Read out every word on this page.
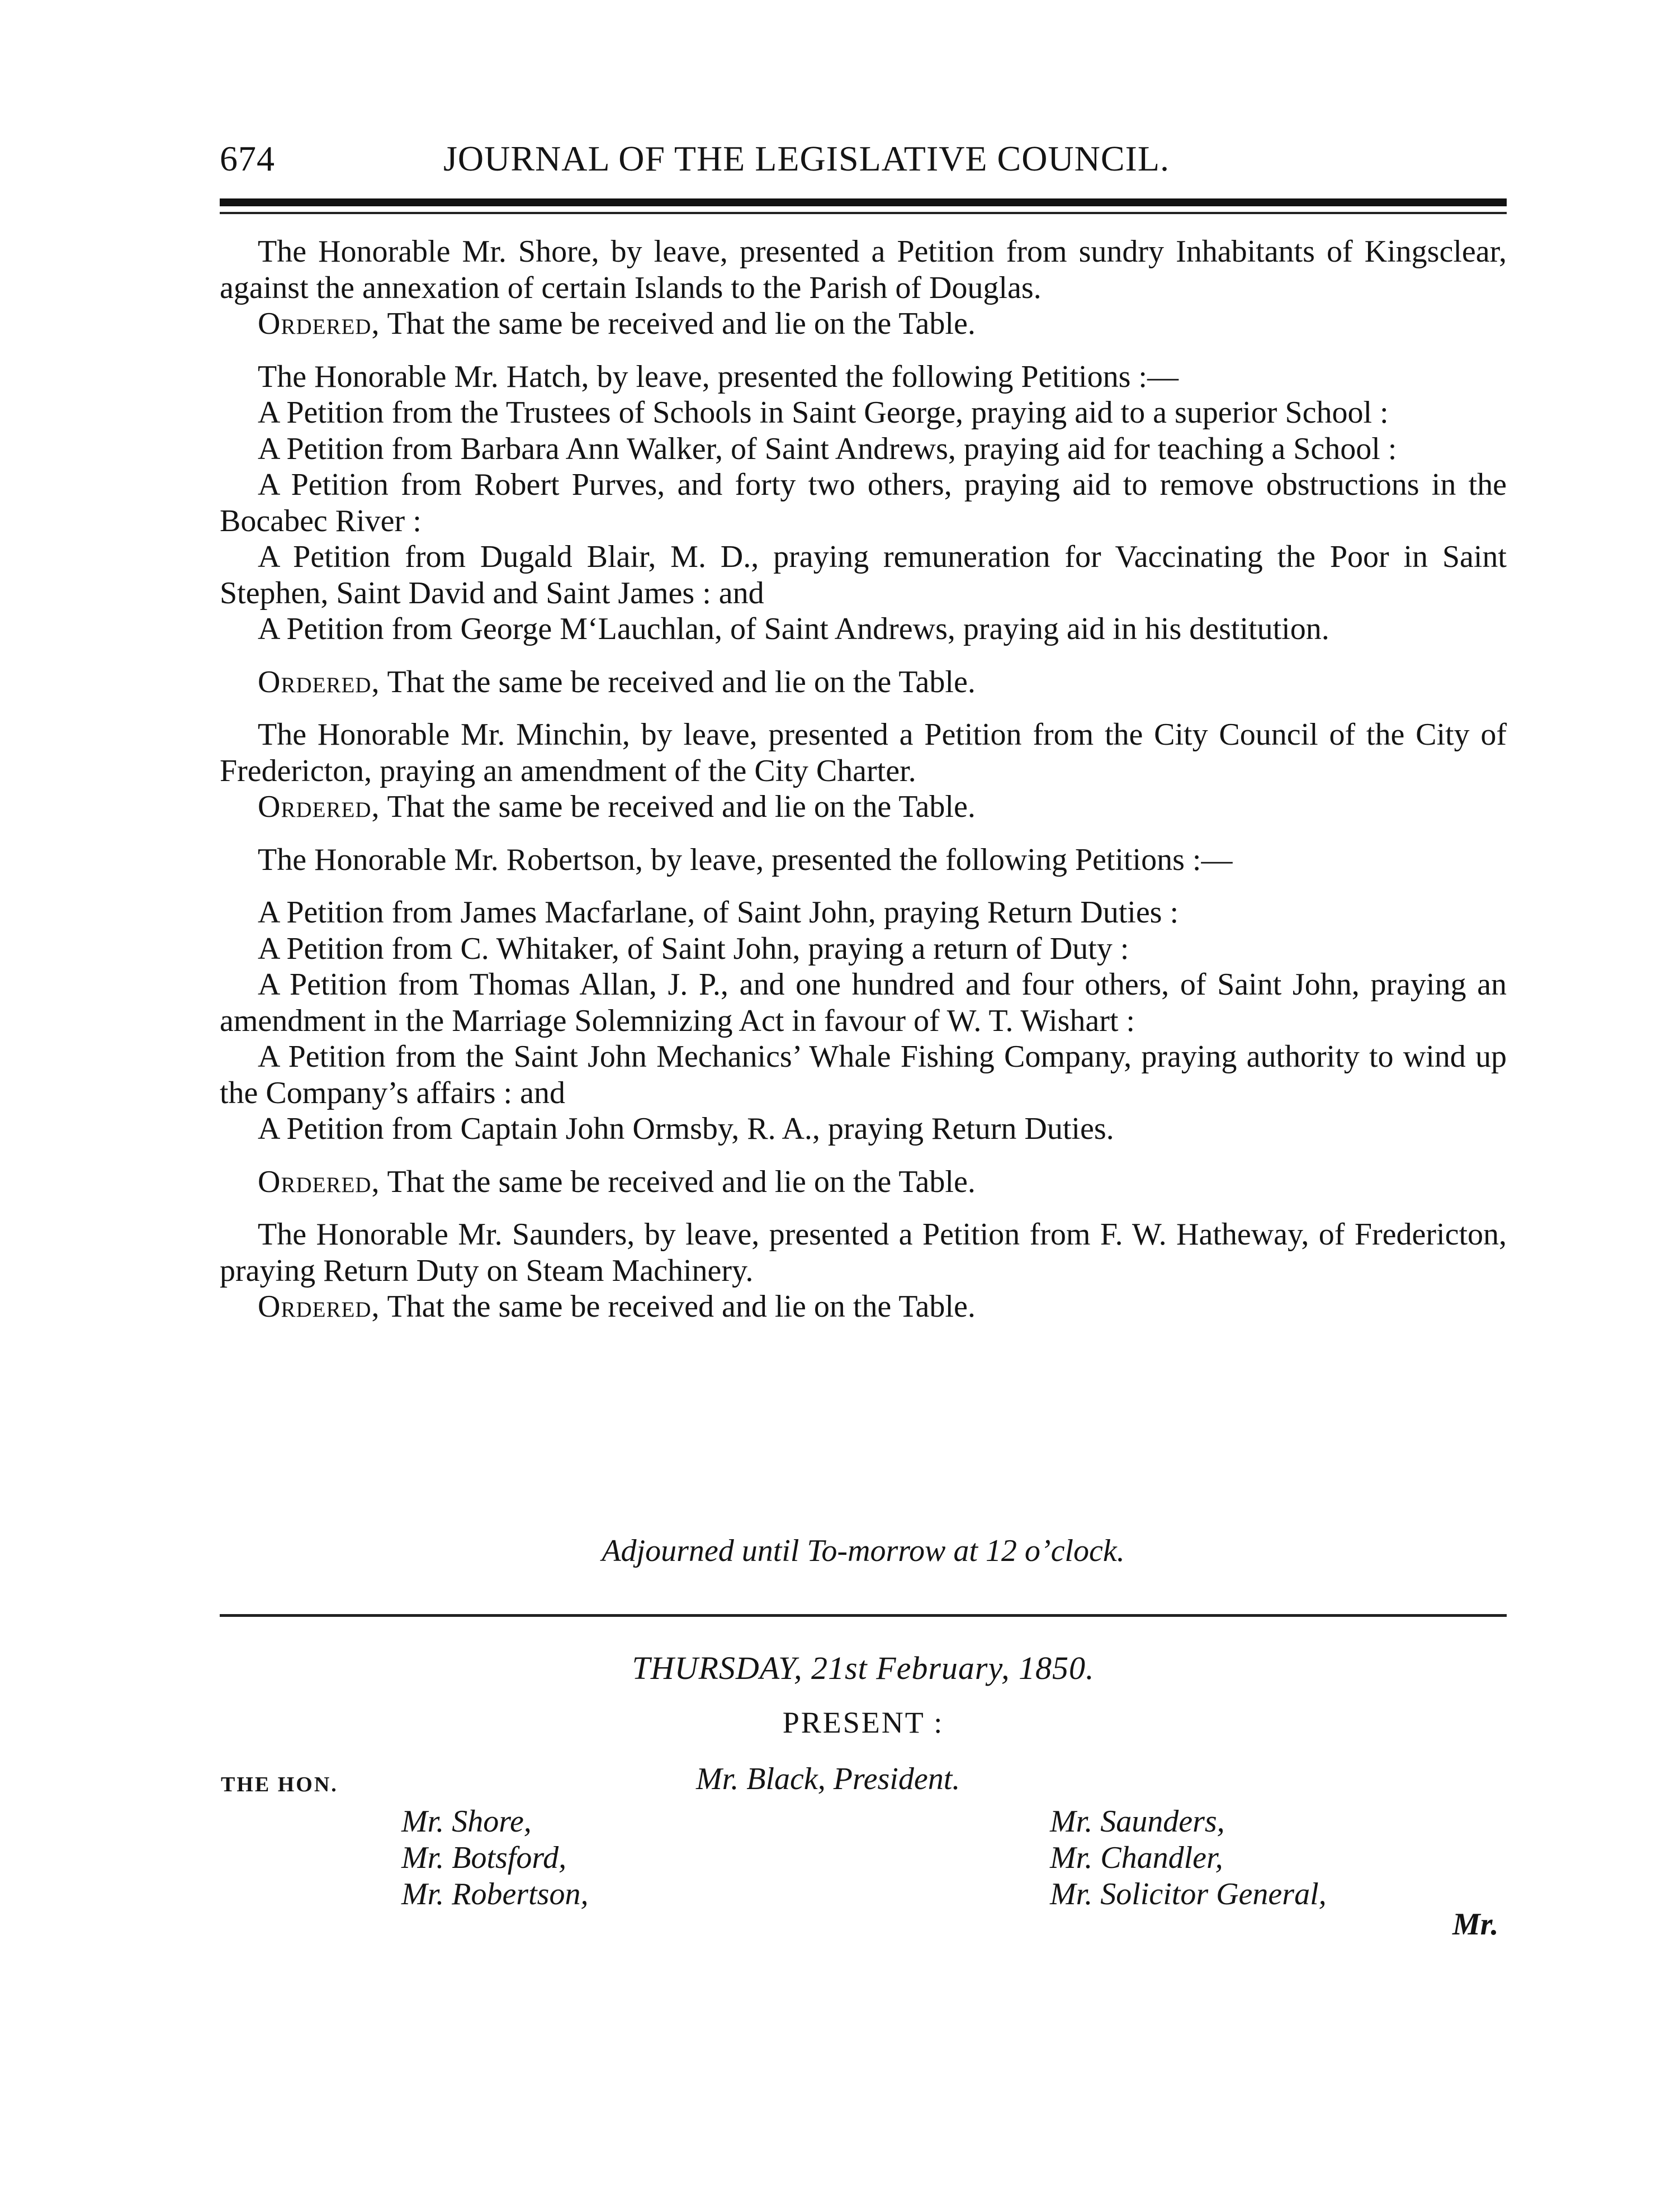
674	JOURNAL OF THE LEGISLATIVE COUNCIL.

The Honorable Mr. Shore, by leave, presented a Petition from sundry Inhabitants of Kingsclear, against the annexation of certain Islands to the Parish of Douglas.

Ordered, That the same be received and lie on the Table.

The Honorable Mr. Hatch, by leave, presented the following Petitions :—

A Petition from the Trustees of Schools in Saint George, praying aid to a superior School :

A Petition from Barbara Ann Walker, of Saint Andrews, praying aid for teaching a School :

A Petition from Robert Purves, and forty two others, praying aid to remove obstructions in the Bocabec River :

A Petition from Dugald Blair, M. D., praying remuneration for Vaccinating the Poor in Saint Stephen, Saint David and Saint James : and

A Petition from George M‘Lauchlan, of Saint Andrews, praying aid in his destitution.

Ordered, That the same be received and lie on the Table.

The Honorable Mr. Minchin, by leave, presented a Petition from the City Council of the City of Fredericton, praying an amendment of the City Charter.

Ordered, That the same be received and lie on the Table.

The Honorable Mr. Robertson, by leave, presented the following Petitions :—

A Petition from James Macfarlane, of Saint John, praying Return Duties :

A Petition from C. Whitaker, of Saint John, praying a return of Duty :

A Petition from Thomas Allan, J. P., and one hundred and four others, of Saint John, praying an amendment in the Marriage Solemnizing Act in favour of W. T. Wishart :

A Petition from the Saint John Mechanics’ Whale Fishing Company, praying authority to wind up the Company’s affairs : and

A Petition from Captain John Ormsby, R. A., praying Return Duties.

Ordered, That the same be received and lie on the Table.

The Honorable Mr. Saunders, by leave, presented a Petition from F. W. Hatheway, of Fredericton, praying Return Duty on Steam Machinery.

Ordered, That the same be received and lie on the Table.

Adjourned until To-morrow at 12 o’clock.
THURSDAY, 21st February, 1850.
PRESENT :
THE HON.	Mr. Black, President.
Mr. Shore,
Mr. Botsford,
Mr. Robertson,
Mr. Saunders,
Mr. Chandler,
Mr. Solicitor General,
Mr.
